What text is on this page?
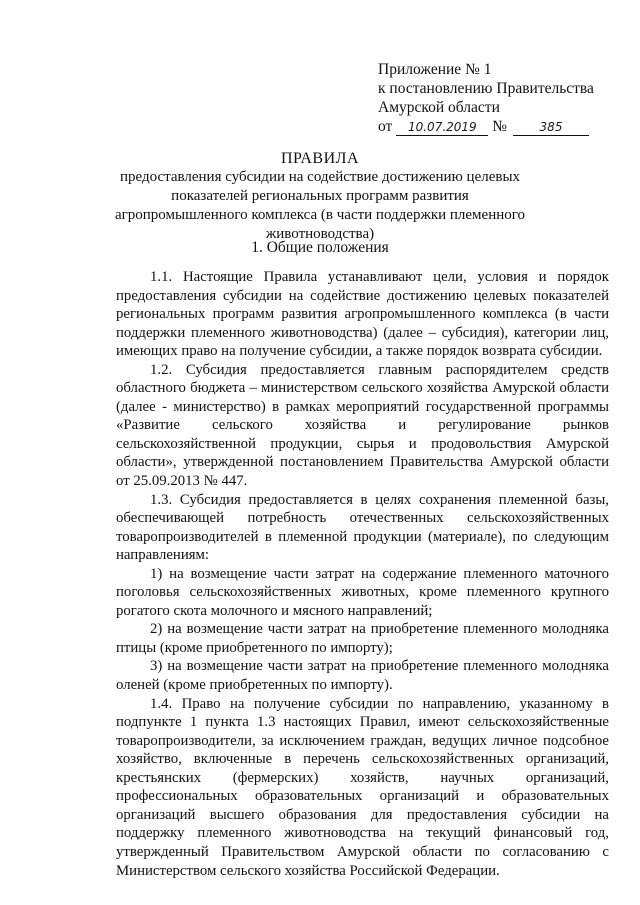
Приложение № 1
к постановлению Правительства
Амурской области
от 10.07.2019 №	385
ПРАВИЛА
предоставления субсидии на содействие достижению целевых показателей региональных программ развития агропромышленного комплекса (в части поддержки племенного животноводства)
1. Общие положения

1.1. Настоящие Правила устанавливают цели, условия и порядок предоставления субсидии на содействие достижению целевых показателей региональных программ развития агропромышленного комплекса (в части поддержки племенного животноводства) (далее – субсидия), категории лиц, имеющих право на получение субсидии, а также порядок возврата субсидии.

1.2. Субсидия предоставляется главным распорядителем средств областного бюджета – министерством сельского хозяйства Амурской области (далее - министерство) в рамках мероприятий государственной программы «Развитие сельского хозяйства и регулирование рынков сельскохозяйственной продукции, сырья и продовольствия Амурской области», утвержденной постановлением Правительства Амурской области от 25.09.2013 № 447.

1.3. Субсидия предоставляется в целях сохранения племенной базы, обеспечивающей потребность отечественных сельскохозяйственных товаропроизводителей в племенной продукции (материале), по следующим направлениям:

1) на возмещение части затрат на содержание племенного маточного поголовья сельскохозяйственных животных, кроме племенного крупного рогатого скота молочного и мясного направлений;

2) на возмещение части затрат на приобретение племенного молодняка птицы (кроме приобретенного по импорту);

3) на возмещение части затрат на приобретение племенного молодняка оленей (кроме приобретенных по импорту).

1.4. Право на получение субсидии по направлению, указанному в подпункте 1 пункта 1.3 настоящих Правил, имеют сельскохозяйственные товаропроизводители, за исключением граждан, ведущих личное подсобное хозяйство, включенные в перечень сельскохозяйственных организаций, крестьянских (фермерских) хозяйств, научных организаций, профессиональных образовательных организаций и образовательных организаций высшего образования для предоставления субсидии на поддержку племенного животноводства на текущий финансовый год, утвержденный Правительством Амурской области по согласованию с Министерством сельского хозяйства Российской Федерации.
